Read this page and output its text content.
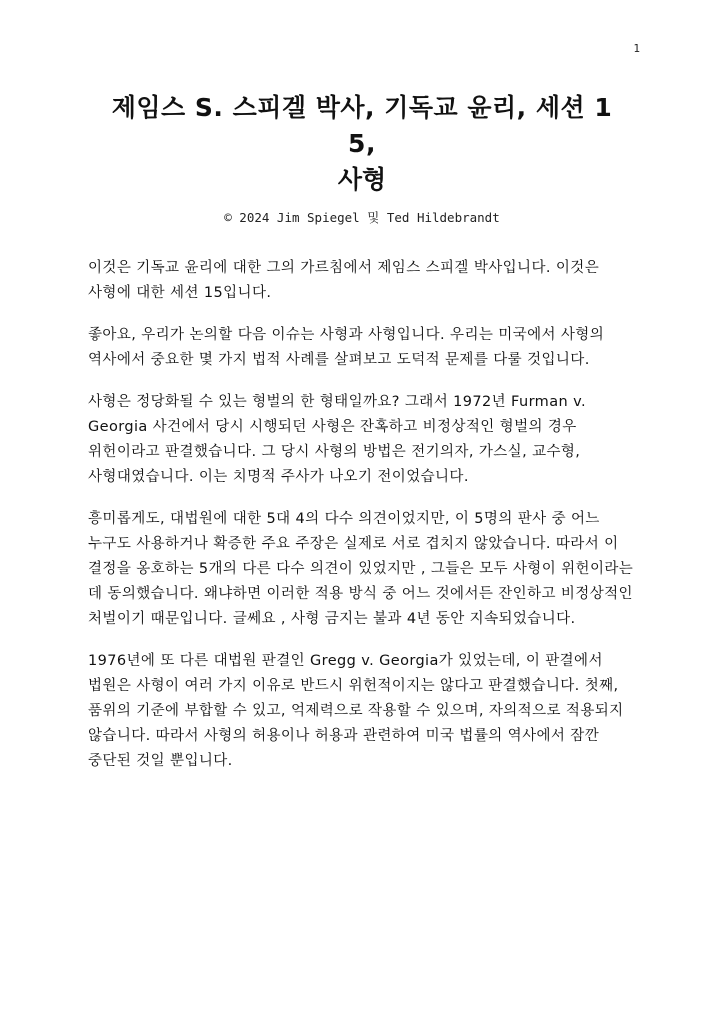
1
제임스 S. 스피겔 박사, 기독교 윤리, 세션 1
5,
사형
© 2024 Jim Spiegel 및 Ted Hildebrandt

이것은 기독교 윤리에 대한 그의 가르침에서 제임스 스피겔 박사입니다. 이것은 사형에 대한 세션 15입니다.

좋아요, 우리가 논의할 다음 이슈는 사형과 사형입니다. 우리는 미국에서 사형의 역사에서 중요한 몇 가지 법적 사례를 살펴보고 도덕적 문제를 다룰 것입니다.

사형은 정당화될 수 있는 형벌의 한 형태일까요? 그래서 1972년 Furman v. Georgia 사건에서 당시 시행되던 사형은 잔혹하고 비정상적인 형벌의 경우 위헌이라고 판결했습니다. 그 당시 사형의 방법은 전기의자, 가스실, 교수형, 사형대였습니다. 이는 치명적 주사가 나오기 전이었습니다.

흥미롭게도, 대법원에 대한 5대 4의 다수 의견이었지만, 이 5명의 판사 중 어느 누구도 사용하거나 확증한 주요 주장은 실제로 서로 겹치지 않았습니다. 따라서 이 결정을 옹호하는 5개의 다른 다수 의견이 있었지만 , 그들은 모두 사형이 위헌이라는 데 동의했습니다. 왜냐하면 이러한 적용 방식 중 어느 것에서든 잔인하고 비정상적인 처벌이기 때문입니다. 글쎄요 , 사형 금지는 불과 4년 동안 지속되었습니다.

1976년에 또 다른 대법원 판결인 Gregg v. Georgia가 있었는데, 이 판결에서 법원은 사형이 여러 가지 이유로 반드시 위헌적이지는 않다고 판결했습니다. 첫째, 품위의 기준에 부합할 수 있고, 억제력으로 작용할 수 있으며, 자의적으로 적용되지 않습니다. 따라서 사형의 허용이나 허용과 관련하여 미국 법률의 역사에서 잠깐 중단된 것일 뿐입니다.
